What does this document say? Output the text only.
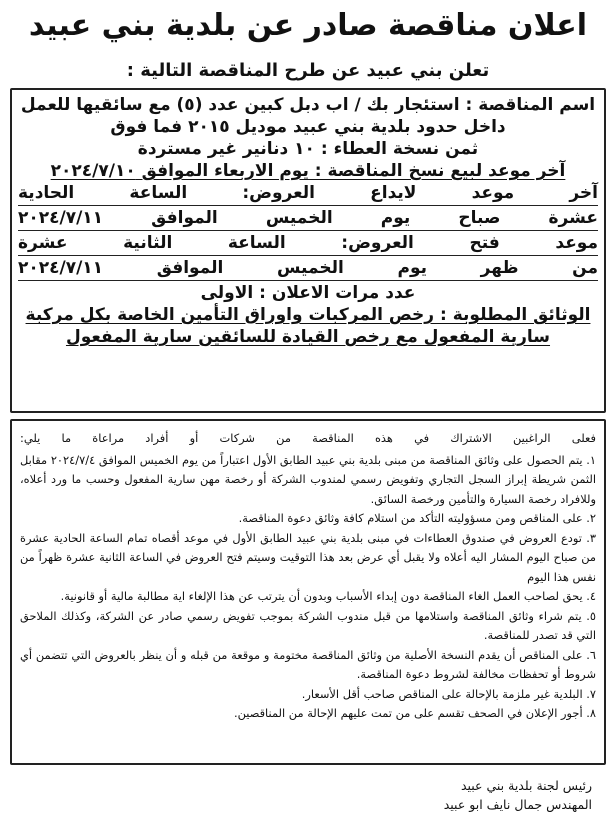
اعلان مناقصة صادر عن بلدية بني عبيد

تعلن بني عبيد عن طرح المناقصة التالية :

اسم المناقصة : استئجار بك / اب دبل كبين عدد (٥) مع سائقيها للعمل

داخل حدود بلدية بني عبيد موديل ٢٠١٥ فما فوق

ثمن نسخة العطاء : ١٠ دنانير غير مستردة

آخر موعد لبيع نسخ المناقصة : يوم الاربعاء الموافق ٢٠٢٤/٧/١٠

آخر موعد لايداع العروض: الساعة الحادية

عشرة صباح يوم الخميس الموافق ٢٠٢٤/٧/١١

موعد فتح العروض: الساعة الثانية عشرة

من ظهر يوم الخميس الموافق ٢٠٢٤/٧/١١

عدد مرات الاعلان : الاولى

الوثائق المطلوبة : رخص المركبات واوراق التأمين الخاصة بكل مركبة

سارية المفعول مع رخص القيادة للسائقين سارية المفعول

فعلى الراغبين الاشتراك في هذه المناقصة من شركات أو أفراد مراعاة ما يلي:

١. يتم الحصول على وثائق المناقصة من مبنى بلدية بني عبيد الطابق الأول اعتباراً من يوم الخميس الموافق ٢٠٢٤/٧/٤ مقابل الثمن شريطة إبراز السجل التجاري وتفويض رسمي لمندوب الشركة أو رخصة مهن سارية المفعول وحسب ما ورد أعلاه، وللافراد رخصة السيارة والتأمين ورخصة السائق.

٢. على المناقص ومن مسؤوليته التأكد من استلام كافة وثائق دعوة المناقصة.

٣. تودع العروض في صندوق العطاءات في مبنى بلدية بني عبيد الطابق الأول في موعد أقصاه تمام الساعة الحادية عشرة من صباح اليوم المشار اليه أعلاه ولا يقبل أي عرض بعد هذا التوقيت وسيتم فتح العروض في الساعة الثانية عشرة ظهراً من نفس هذا اليوم

٤. يحق لصاحب العمل الغاء المناقصة دون إبداء الأسباب وبدون أن يترتب عن هذا الإلغاء اية مطالبة مالية أو قانونية.

٥. يتم شراء وثائق المناقصة واستلامها من قبل مندوب الشركة بموجب تفويض رسمي صادر عن الشركة، وكذلك الملاحق التي قد تصدر للمناقصة.

٦. على المناقص أن يقدم النسخة الأصلية من وثائق المناقصة مختومة و موقعة من قبله و أن ينظر بالعروض التي تتضمن أي شروط أو تحفظات مخالفة لشروط دعوة المناقصة.

٧. البلدية غير ملزمة بالإحالة على المناقص صاحب أقل الأسعار.

٨. أجور الإعلان في الصحف تقسم على من تمت عليهم الإحالة من المناقصين.

رئيس لجنة بلدية بني عبيد

المهندس جمال نايف ابو عبيد
